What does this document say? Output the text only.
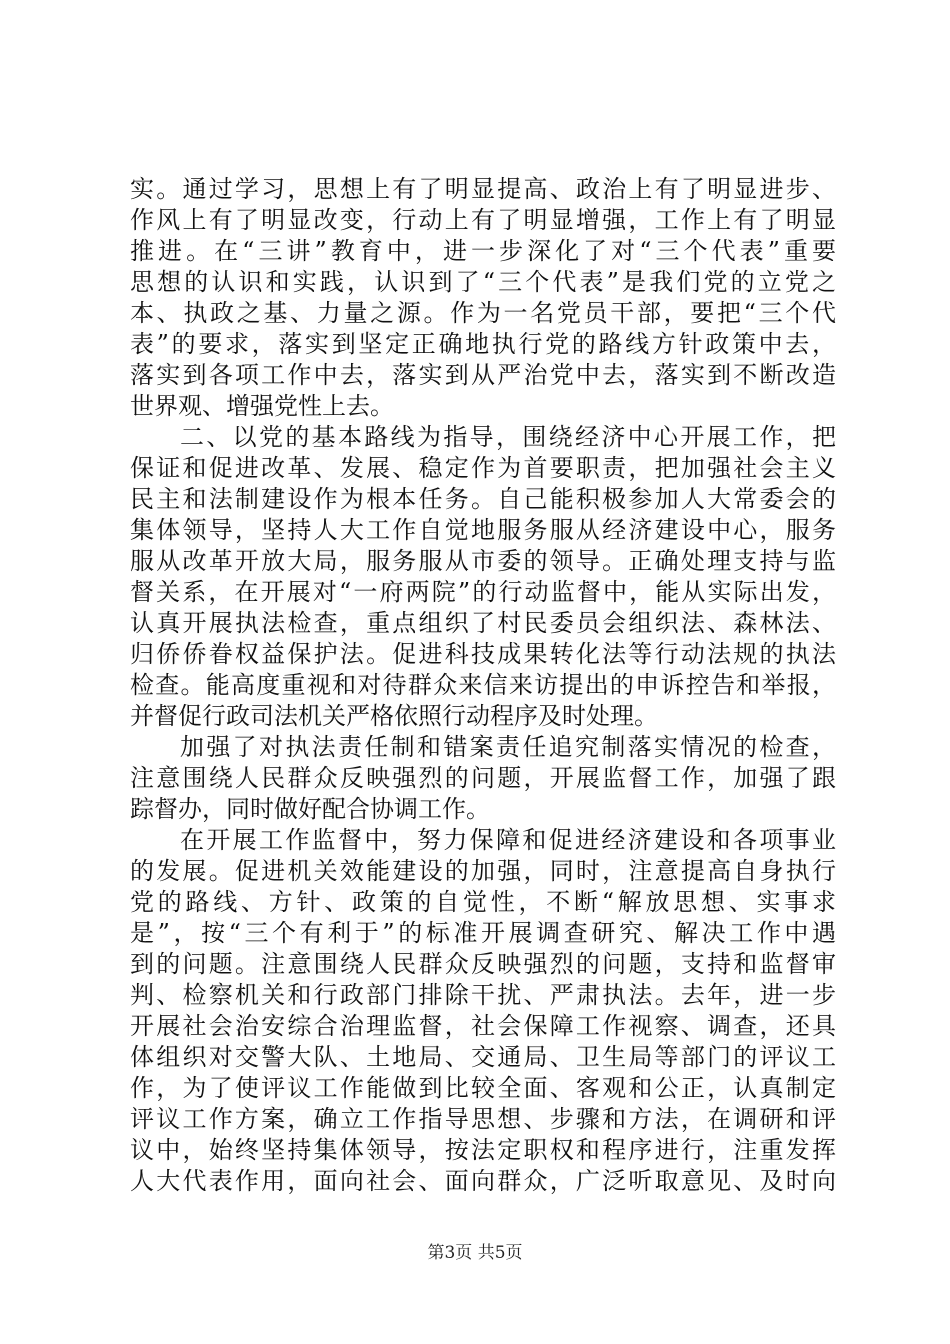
实。通过学习，思想上有了明显提高、政治上有了明显进步、
作风上有了明显改变，行动上有了明显增强，工作上有了明显
推进。在“三讲”教育中，进一步深化了对“三个代表”重要
思想的认识和实践，认识到了“三个代表”是我们党的立党之
本、执政之基、力量之源。作为一名党员干部，要把“三个代
表”的要求，落实到坚定正确地执行党的路线方针政策中去，
落实到各项工作中去，落实到从严治党中去，落实到不断改造
世界观、增强党性上去。
二、以党的基本路线为指导，围绕经济中心开展工作，把
保证和促进改革、发展、稳定作为首要职责，把加强社会主义
民主和法制建设作为根本任务。自己能积极参加人大常委会的
集体领导，坚持人大工作自觉地服务服从经济建设中心，服务
服从改革开放大局，服务服从市委的领导。正确处理支持与监
督关系，在开展对“一府两院”的行动监督中，能从实际出发，
认真开展执法检查，重点组织了村民委员会组织法、森林法、
归侨侨眷权益保护法。促进科技成果转化法等行动法规的执法
检查。能高度重视和对待群众来信来访提出的申诉控告和举报，
并督促行政司法机关严格依照行动程序及时处理。
加强了对执法责任制和错案责任追究制落实情况的检查，
注意围绕人民群众反映强烈的问题，开展监督工作，加强了跟
踪督办，同时做好配合协调工作。
在开展工作监督中，努力保障和促进经济建设和各项事业
的发展。促进机关效能建设的加强，同时，注意提高自身执行
党的路线、方针、政策的自觉性，不断“解放思想、实事求
是”，按“三个有利于”的标准开展调查研究、解决工作中遇
到的问题。注意围绕人民群众反映强烈的问题，支持和监督审
判、检察机关和行政部门排除干扰、严肃执法。去年，进一步
开展社会治安综合治理监督，社会保障工作视察、调查，还具
体组织对交警大队、土地局、交通局、卫生局等部门的评议工
作，为了使评议工作能做到比较全面、客观和公正，认真制定
评议工作方案，确立工作指导思想、步骤和方法，在调研和评
议中，始终坚持集体领导，按法定职权和程序进行，注重发挥
人大代表作用，面向社会、面向群众，广泛听取意见、及时向
第3页 共5页
